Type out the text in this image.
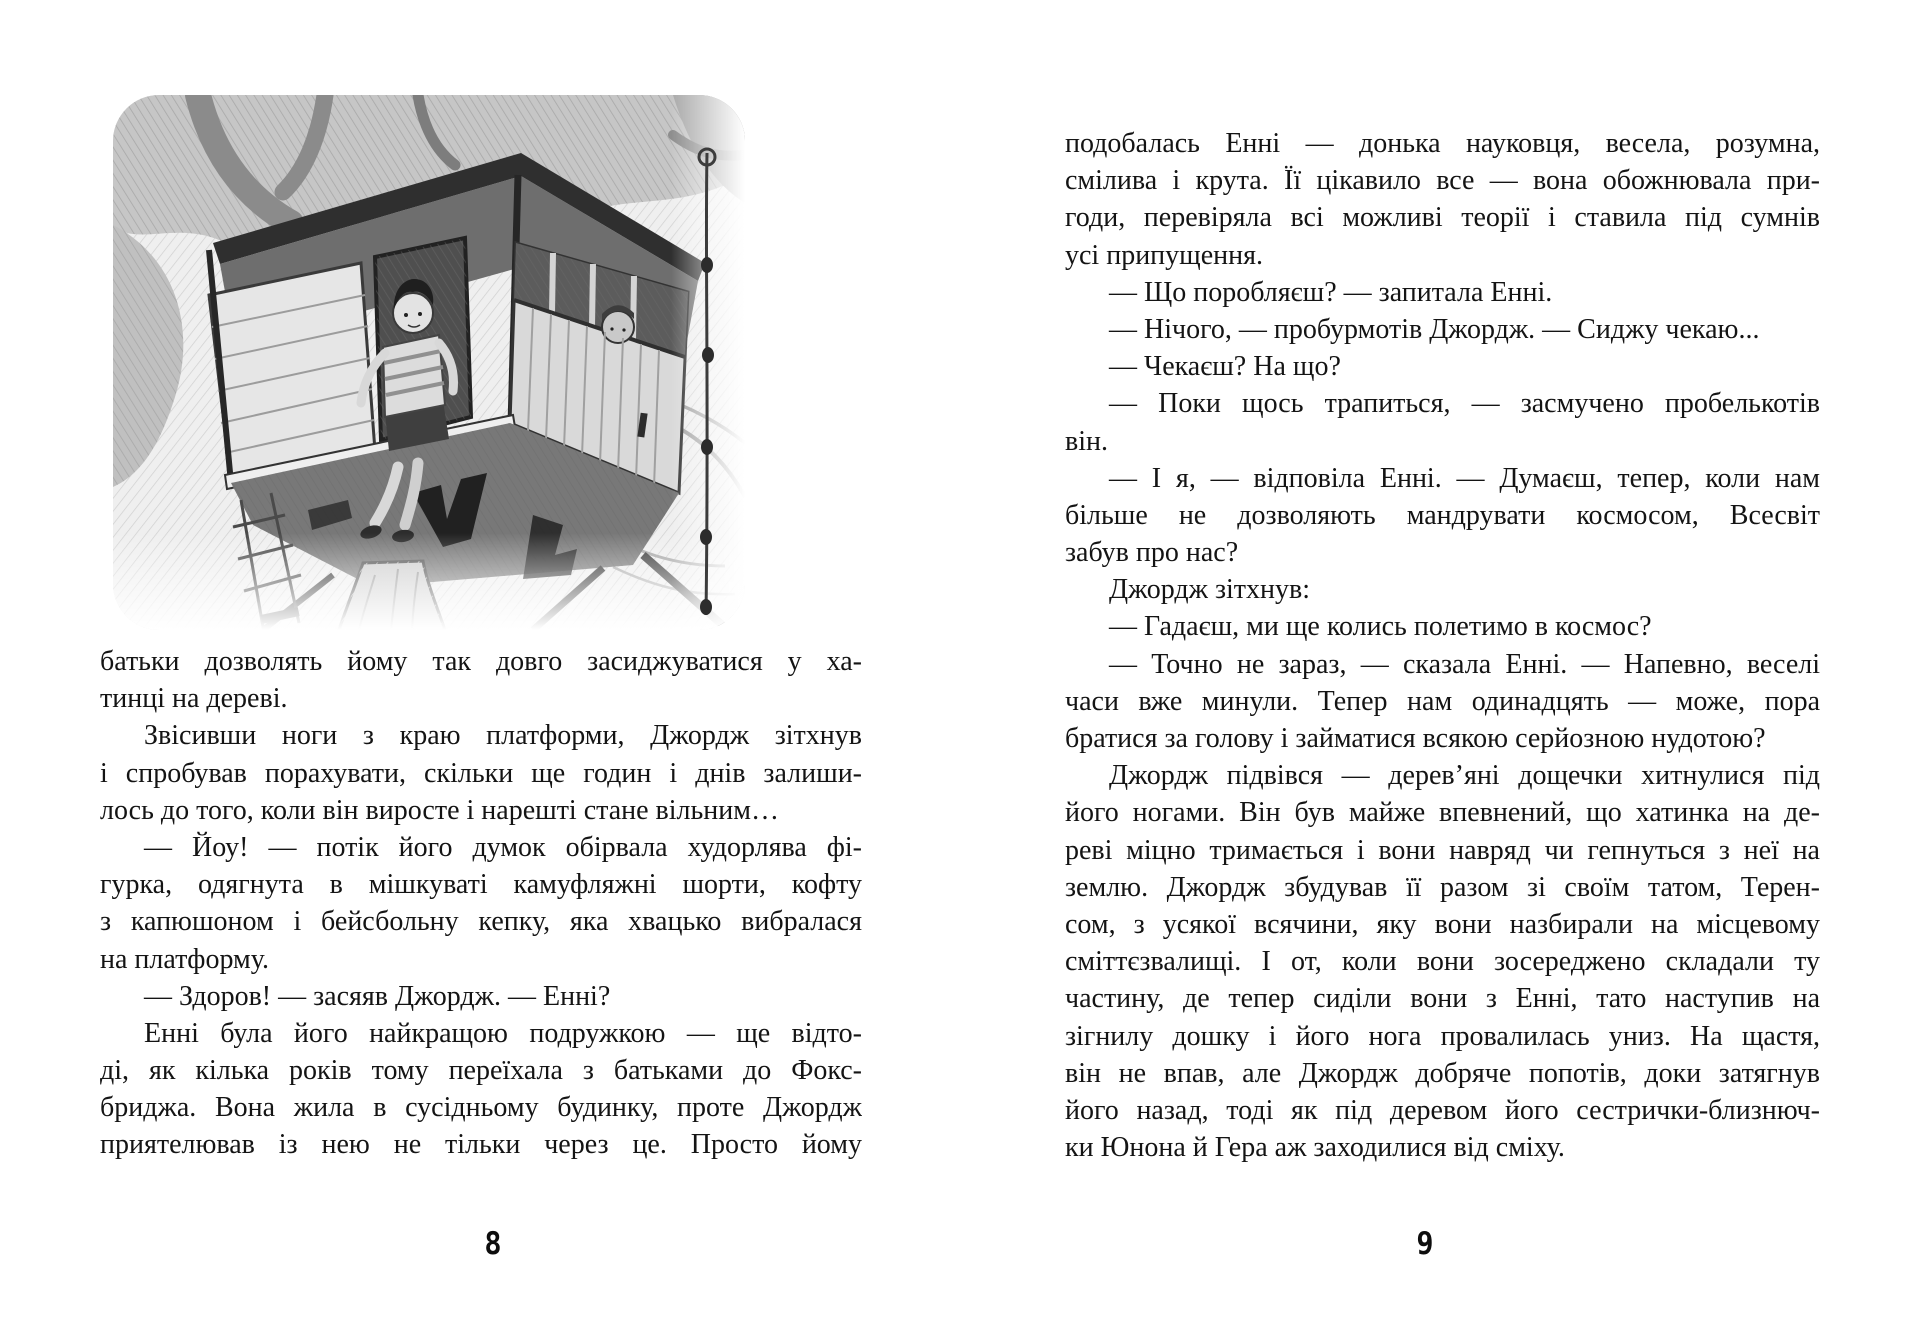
батьки дозволять йому так довго засиджуватися у ха-
тинці на дереві.
Звісивши ноги з краю платформи, Джордж зітхнув
і спробував порахувати, скільки ще годин і днів залиши-
лось до того, коли він виросте і нарешті стане вільним…
— Йоу! — потік його думок обірвала худорлява фі-
гурка, одягнута в мішкуваті камуфляжні шорти, кофту
з капюшоном і бейсбольну кепку, яка хвацько вибралася
на платформу.
— Здоров! — засяяв Джордж. — Енні?
Енні була його найкращою подружкою — ще відто-
ді, як кілька років тому переїхала з батьками до Фокс-
бриджа. Вона жила в сусідньому будинку, проте Джордж
приятелював із нею не тільки через це. Просто йому
8
подобалась Енні — донька науковця, весела, розумна,
смілива і крута. Її цікавило все — вона обожнювала при-
годи, перевіряла всі можливі теорії і ставила під сумнів
усі припущення.
— Що поробляєш? — запитала Енні.
— Нічого, — пробурмотів Джордж. — Сиджу чекаю...
— Чекаєш? На що?
— Поки щось трапиться, — засмучено пробелькотів
він.
— І я, — відповіла Енні. — Думаєш, тепер, коли нам
більше не дозволяють мандрувати космосом, Всесвіт
забув про нас?
Джордж зітхнув:
— Гадаєш, ми ще колись полетимо в космос?
— Точно не зараз, — сказала Енні. — Напевно, веселі
часи вже минули. Тепер нам одинадцять — може, пора
братися за голову і займатися всякою серйозною нудотою?
Джордж підвівся — дерев’яні дощечки хитнулися під
його ногами. Він був майже впевнений, що хатинка на де-
реві міцно тримається і вони навряд чи гепнуться з неї на
землю. Джордж збудував її разом зі своїм татом, Терен-
сом, з усякої всячини, яку вони назбирали на місцевому
сміттєзвалищі. І от, коли вони зосереджено складали ту
частину, де тепер сиділи вони з Енні, тато наступив на
зігнилу дошку і його нога провалилась униз. На щастя,
він не впав, але Джордж добряче попотів, доки затягнув
його назад, тоді як під деревом його сестрички-близнюч-
ки Юнона й Гера аж заходилися від сміху.
9
